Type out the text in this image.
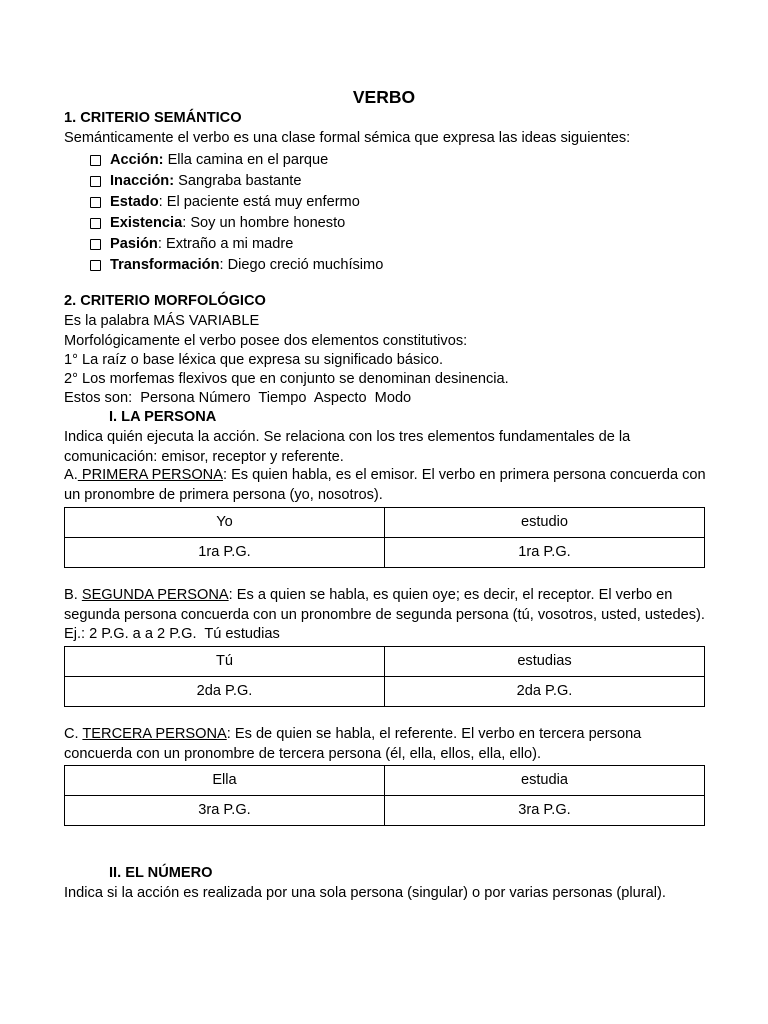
VERBO
1. CRITERIO SEMÁNTICO
Semánticamente el verbo es una clase formal sémica que expresa las ideas siguientes:
Acción:
Ella camina en el parque
Inacción:
Sangraba bastante
Estado : El paciente está muy enfermo
Existencia : Soy un hombre honesto
Pasión : Extraño a mi madre
Transformación : Diego creció muchísimo
2. CRITERIO MORFOLÓGICO
Es la palabra MÁS VARIABLE
Morfológicamente el verbo posee dos elementos constitutivos:
1° La raíz o base léxica que expresa su significado básico.
2° Los morfemas flexivos que en conjunto se denominan desinencia.
Estos son:  Persona Número  Tiempo  Aspecto  Modo
I. LA PERSONA
Indica quién ejecuta la acción. Se relaciona con los tres elementos fundamentales de la comunicación: emisor, receptor y referente.
A. PRIMERA PERSONA: Es quien habla, es el emisor. El verbo en primera persona concuerda con un pronombre de primera persona (yo, nosotros).
Yo	estudio
1ra P.G.	1ra P.G.
B. SEGUNDA PERSONA: Es a quien se habla, es quien oye; es decir, el receptor. El verbo en segunda persona concuerda con un pronombre de segunda persona (tú, vosotros, usted, ustedes). Ej.: 2 P.G. a a 2 P.G.  Tú estudias
Tú	estudias
2da P.G.	2da P.G.
C. TERCERA PERSONA: Es de quien se habla, el referente. El verbo en tercera persona concuerda con un pronombre de tercera persona (él, ella, ellos, ella, ello).
Ella	estudia
3ra P.G.	3ra P.G.
II. EL NÚMERO
Indica si la acción es realizada por una sola persona (singular) o por varias personas (plural).
